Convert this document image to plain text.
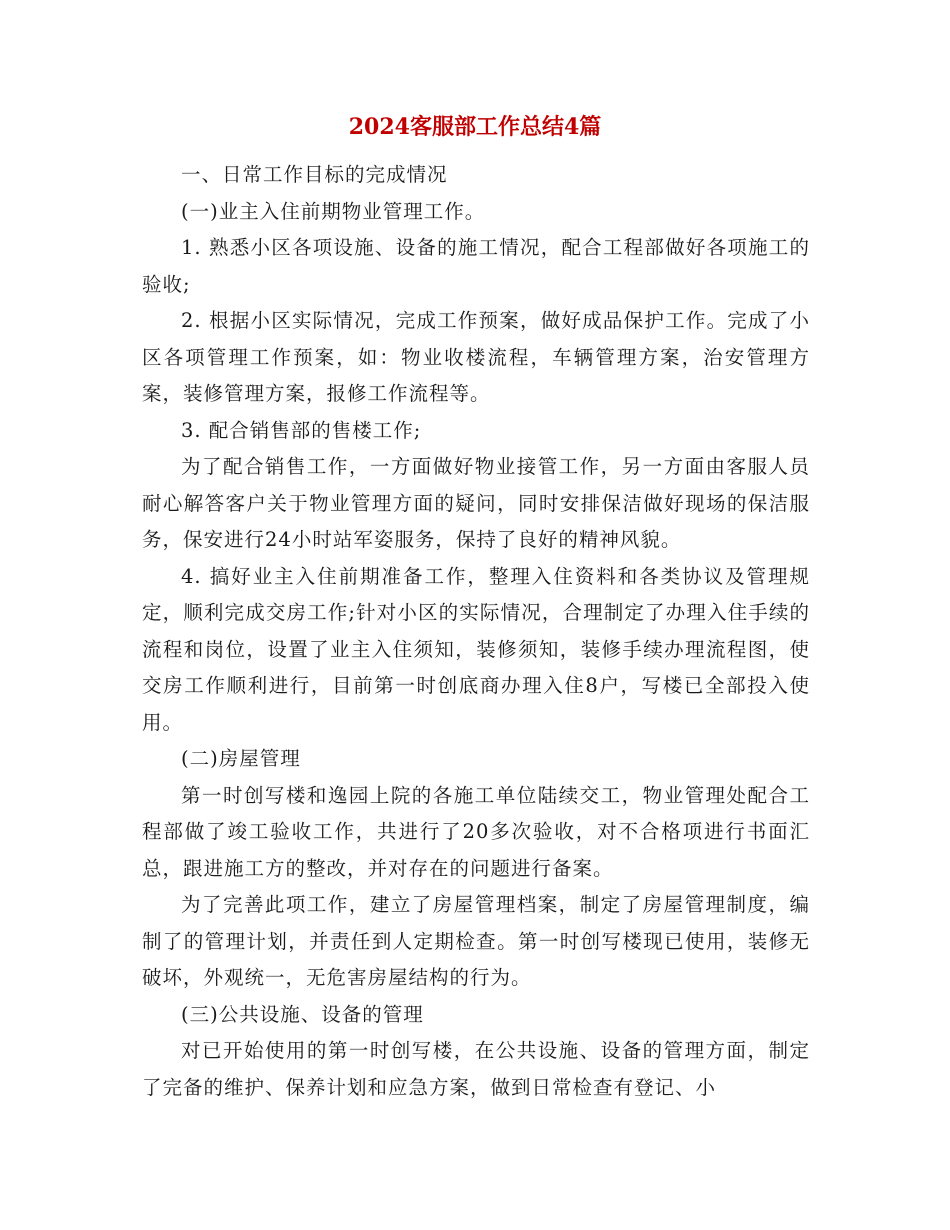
2024客服部工作总结4篇

一、日常工作目标的完成情况

(一)业主入住前期物业管理工作。

1. 熟悉小区各项设施、设备的施工情况，配合工程部做好各项施工的验收;

2. 根据小区实际情况，完成工作预案，做好成品保护工作。完成了小区各项管理工作预案，如：物业收楼流程，车辆管理方案，治安管理方案，装修管理方案，报修工作流程等。

3. 配合销售部的售楼工作;

为了配合销售工作，一方面做好物业接管工作，另一方面由客服人员耐心解答客户关于物业管理方面的疑问，同时安排保洁做好现场的保洁服务，保安进行24小时站军姿服务，保持了良好的精神风貌。

4. 搞好业主入住前期准备工作，整理入住资料和各类协议及管理规定，顺利完成交房工作;针对小区的实际情况，合理制定了办理入住手续的流程和岗位，设置了业主入住须知，装修须知，装修手续办理流程图，使交房工作顺利进行，目前第一时创底商办理入住8户，写楼已全部投入使用。

(二)房屋管理

第一时创写楼和逸园上院的各施工单位陆续交工，物业管理处配合工程部做了竣工验收工作，共进行了20多次验收，对不合格项进行书面汇总，跟进施工方的整改，并对存在的问题进行备案。

为了完善此项工作，建立了房屋管理档案，制定了房屋管理制度，编制了的管理计划，并责任到人定期检查。第一时创写楼现已使用，装修无破坏，外观统一，无危害房屋结构的行为。

(三)公共设施、设备的管理

对已开始使用的第一时创写楼，在公共设施、设备的管理方面，制定了完备的维护、保养计划和应急方案，做到日常检查有登记、小
